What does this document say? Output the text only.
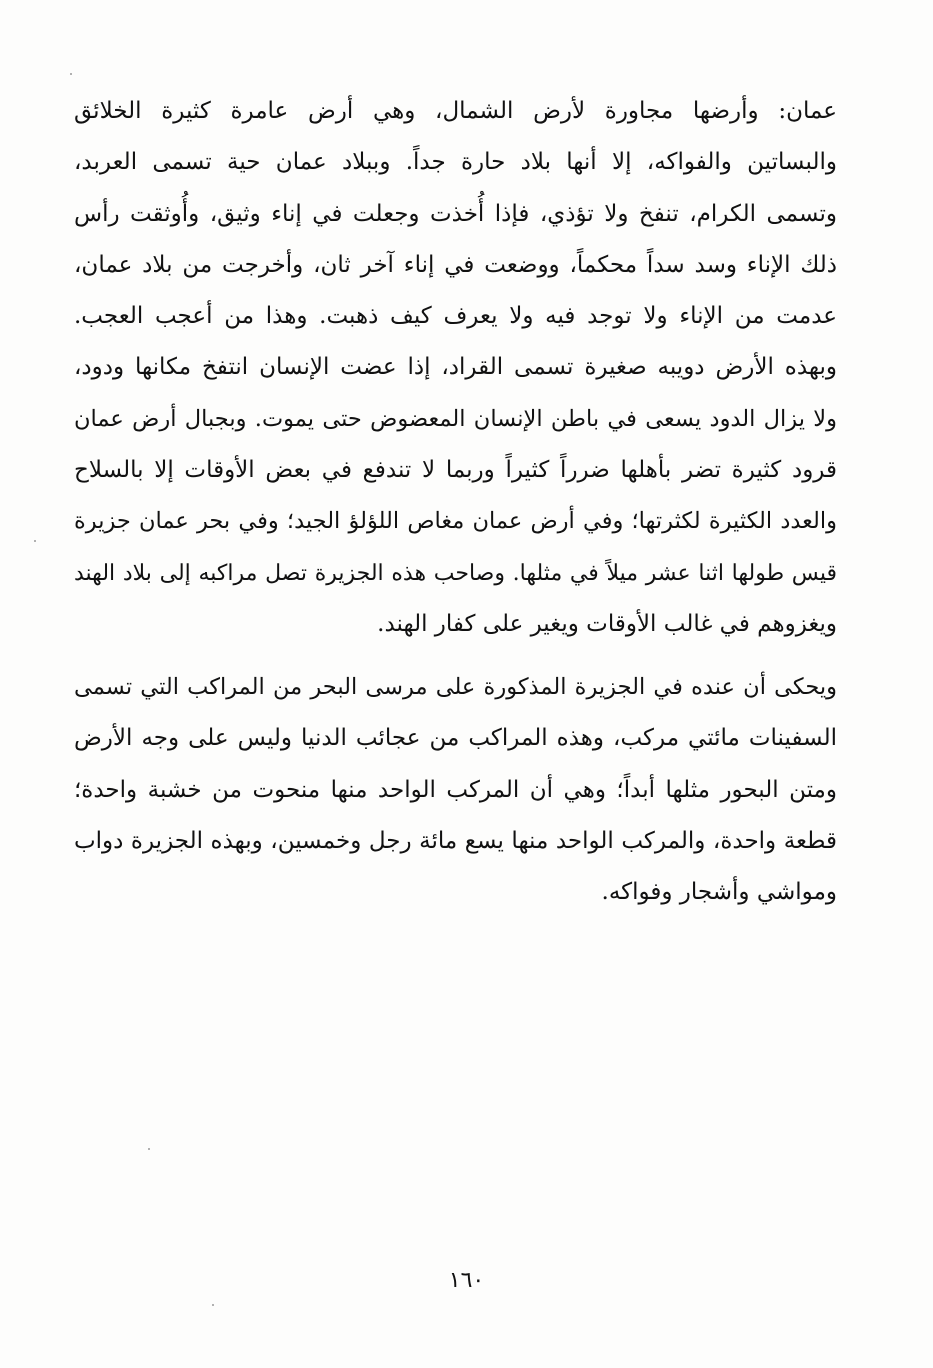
عمان: وأرضها مجاورة لأرض الشمال، وهي أرض عامرة كثيرة الخلائق
والبساتين والفواكه، إلا أنها بلاد حارة جداً. وببلاد عمان حية تسمى العربد،
وتسمى الكرام، تنفخ ولا تؤذي، فإذا أُخذت وجعلت في إناء وثيق، وأُوثقت رأس
ذلك الإناء وسد سداً محكماً، ووضعت في إناء آخر ثان، وأخرجت من بلاد عمان،
عدمت من الإناء ولا توجد فيه ولا يعرف كيف ذهبت. وهذا من أعجب العجب.
وبهذه الأرض دويبه صغيرة تسمى القراد، إذا عضت الإنسان انتفخ مكانها ودود،
ولا يزال الدود يسعى في باطن الإنسان المعضوض حتى يموت. وبجبال أرض عمان
قرود كثيرة تضر بأهلها ضرراً كثيراً وربما لا تندفع في بعض الأوقات إلا بالسلاح
والعدد الكثيرة لكثرتها؛ وفي أرض عمان مغاص اللؤلؤ الجيد؛ وفي بحر عمان جزيرة
قيس طولها اثنا عشر ميلاً في مثلها. وصاحب هذه الجزيرة تصل مراكبه إلى بلاد الهند
ويغزوهم في غالب الأوقات ويغير على كفار الهند.
ويحكى أن عنده في الجزيرة المذكورة على مرسى البحر من المراكب التي تسمى
السفينات مائتي مركب، وهذه المراكب من عجائب الدنيا وليس على وجه الأرض
ومتن البحور مثلها أبداً؛ وهي أن المركب الواحد منها منحوت من خشبة واحدة؛
قطعة واحدة، والمركب الواحد منها يسع مائة رجل وخمسين، وبهذه الجزيرة دواب
ومواشي وأشجار وفواكه.
١٦٠
